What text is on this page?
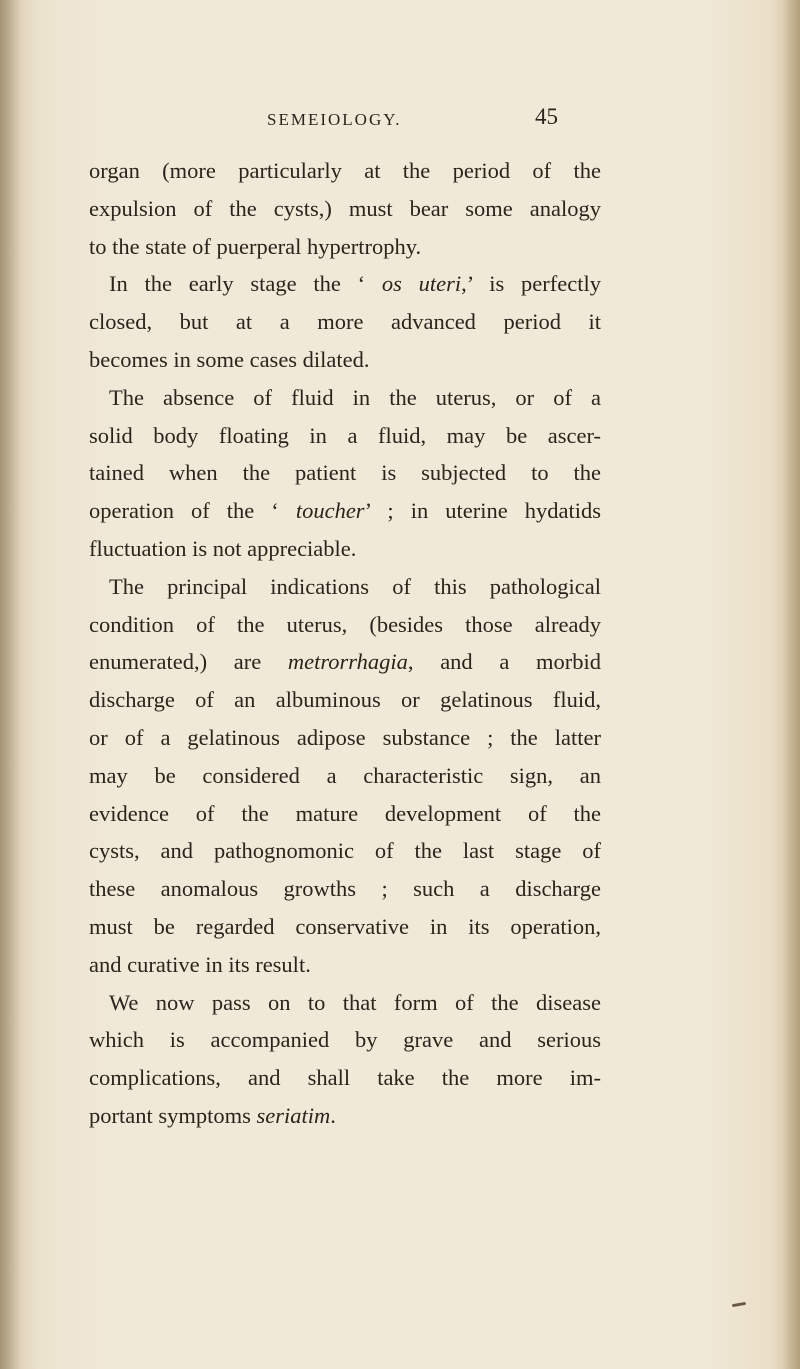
SEMEIOLOGY.	45
organ (more particularly at the period of the
expulsion of the cysts,) must bear some analogy
to the state of puerperal hypertrophy.
In the early stage the ‘ os uteri,’ is perfectly
closed, but at a more advanced period it
becomes in some cases dilated.
The absence of fluid in the uterus, or of a
solid body floating in a fluid, may be ascer-
tained when the patient is subjected to the
operation of the ‘ toucher’ ; in uterine hydatids
fluctuation is not appreciable.
The principal indications of this pathological
condition of the uterus, (besides those already
enumerated,) are metrorrhagia, and a morbid
discharge of an albuminous or gelatinous fluid,
or of a gelatinous adipose substance ; the latter
may be considered a characteristic sign, an
evidence of the mature development of the
cysts, and pathognomonic of the last stage of
these anomalous growths ; such a discharge
must be regarded conservative in its operation,
and curative in its result.
We now pass on to that form of the disease
which is accompanied by grave and serious
complications, and shall take the more im-
portant symptoms seriatim.
